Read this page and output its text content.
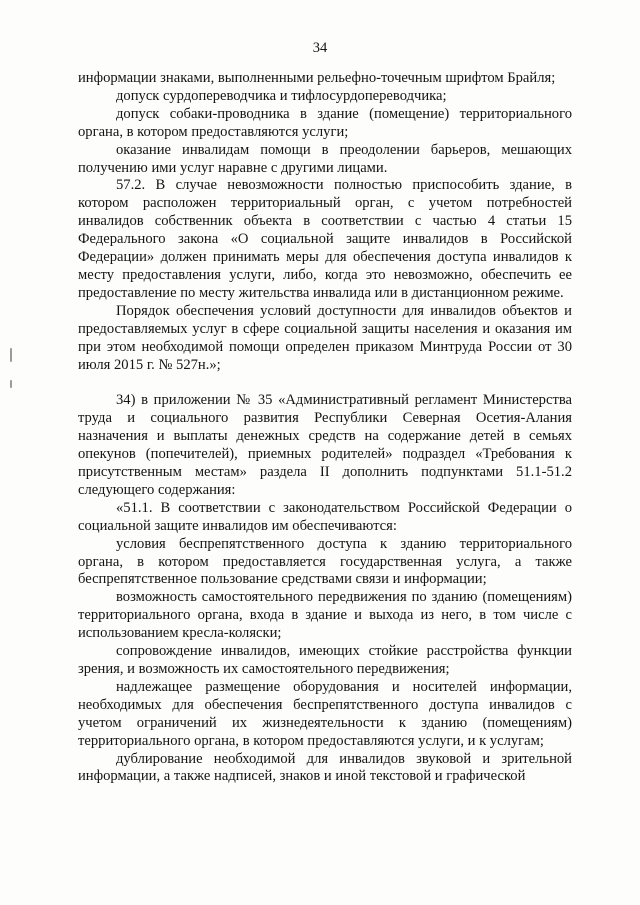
34

информации знаками, выполненными рельефно-точечным шрифтом Брайля;

допуск сурдопереводчика и тифлосурдопереводчика;

допуск собаки-проводника в здание (помещение) территориального органа, в котором предоставляются услуги;

оказание инвалидам помощи в преодолении барьеров, мешающих получению ими услуг наравне с другими лицами.

57.2. В случае невозможности полностью приспособить здание, в котором расположен территориальный орган, с учетом потребностей инвалидов собственник объекта в соответствии с частью 4 статьи 15 Федерального закона «О социальной защите инвалидов в Российской Федерации» должен принимать меры для обеспечения доступа инвалидов к месту предоставления услуги, либо, когда это невозможно, обеспечить ее предоставление по месту жительства инвалида или в дистанционном режиме.

Порядок обеспечения условий доступности для инвалидов объектов и предоставляемых услуг в сфере социальной защиты населения и оказания им при этом необходимой помощи определен приказом Минтруда России от 30 июля 2015 г. № 527н.»;

34) в приложении № 35 «Административный регламент Министерства труда и социального развития Республики Северная Осетия-Алания назначения и выплаты денежных средств на содержание детей в семьях опекунов (попечителей), приемных родителей» подраздел «Требования к присутственным местам» раздела II дополнить подпунктами 51.1-51.2 следующего содержания:

«51.1. В соответствии с законодательством Российской Федерации о социальной защите инвалидов им обеспечиваются:

условия беспрепятственного доступа к зданию территориального органа, в котором предоставляется государственная услуга, а также беспрепятственное пользование средствами связи и информации;

возможность самостоятельного передвижения по зданию (помещениям) территориального органа, входа в здание и выхода из него, в том числе с использованием кресла-коляски;

сопровождение инвалидов, имеющих стойкие расстройства функции зрения, и возможность их самостоятельного передвижения;

надлежащее размещение оборудования и носителей информации, необходимых для обеспечения беспрепятственного доступа инвалидов с учетом ограничений их жизнедеятельности к зданию (помещениям) территориального органа, в котором предоставляются услуги, и к услугам;

дублирование необходимой для инвалидов звуковой и зрительной информации, а также надписей, знаков и иной текстовой и графической
